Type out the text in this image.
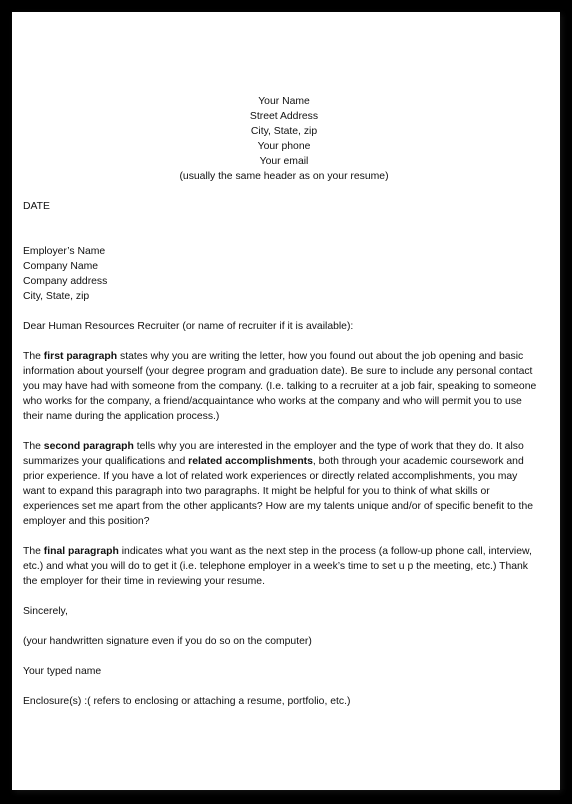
Your Name
Street Address
City, State, zip
Your phone
Your email
(usually the same header as on your resume)

DATE

Employer’s Name
Company Name
Company address
City, State, zip

Dear Human Resources Recruiter (or name of recruiter if it is available):

The first paragraph states why you are writing the letter, how you found out about the job opening and basic information about yourself (your degree program and graduation date). Be sure to include any personal contact you may have had with someone from the company. (I.e. talking to a recruiter at a job fair, speaking to someone who works for the company, a friend/acquaintance who works at the company and who will permit you to use their name during the application process.)

The second paragraph tells why you are interested in the employer and the type of work that they do. It also summarizes your qualifications and related accomplishments, both through your academic coursework and prior experience. If you have a lot of related work experiences or directly related accomplishments, you may want to expand this paragraph into two paragraphs. It might be helpful for you to think of what skills or experiences set me apart from the other applicants? How are my talents unique and/or of specific benefit to the employer and this position?

The final paragraph indicates what you want as the next step in the process (a follow-up phone call, interview, etc.) and what you will do to get it (i.e. telephone employer in a week’s time to set u p the meeting, etc.) Thank the employer for their time in reviewing your resume.

Sincerely,

(your handwritten signature even if you do so on the computer)

Your typed name

Enclosure(s) :( refers to enclosing or attaching a resume, portfolio, etc.)
